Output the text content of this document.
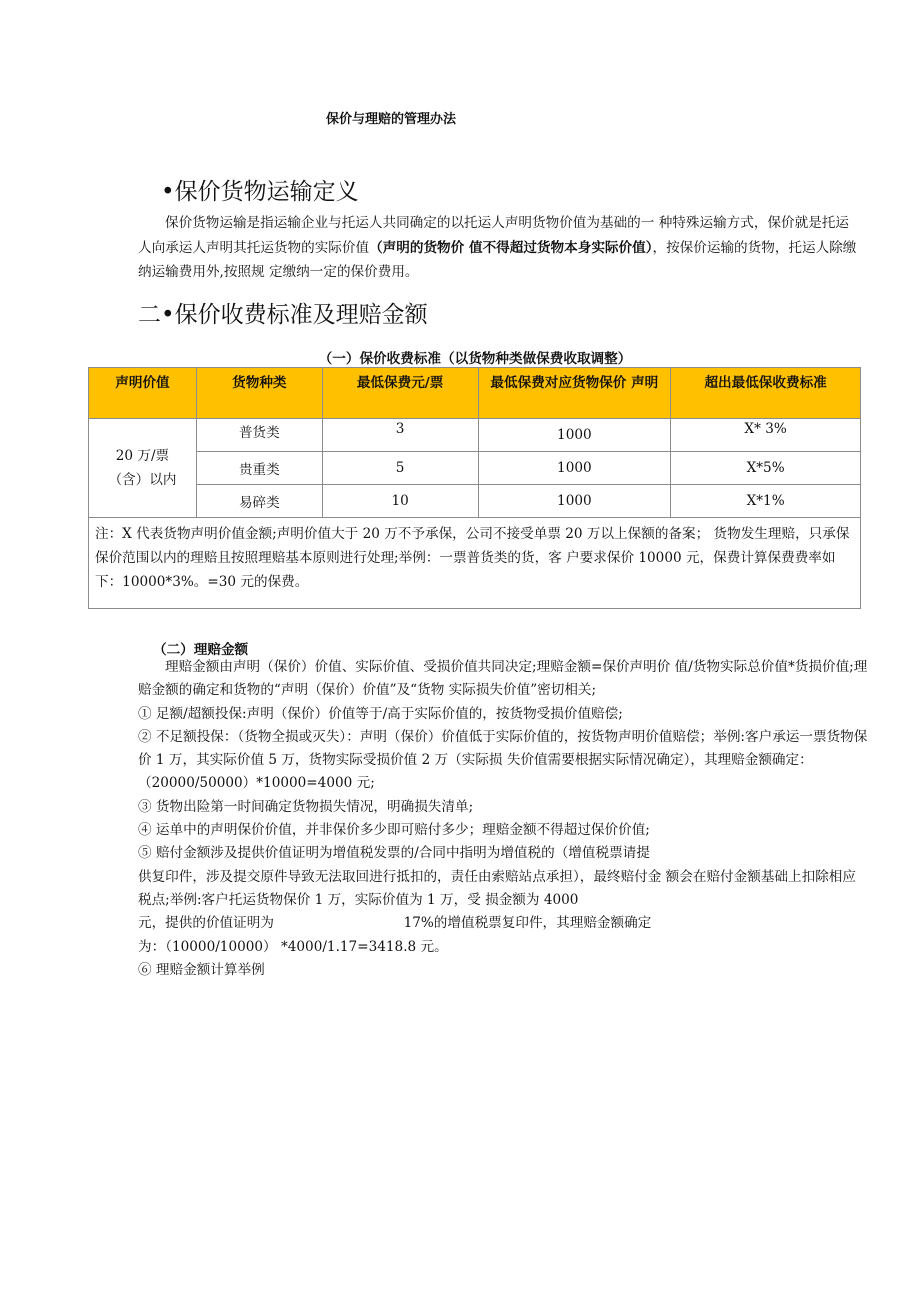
保价与理赔的管理办法
•保价货物运输定义
保价货物运输是指运输企业与托运人共同确定的以托运人声明货物价值为基础的一 种特殊运输方式，保价就是托运人向承运人声明其托运货物的实际价值（声明的货物价 值不得超过货物本身实际价值），按保价运输的货物，托运人除缴纳运输费用外,按照规 定缴纳一定的保价费用。
二•保价收费标准及理赔金额
（一）保价收费标准（以货物种类做保费收取调整）
声明价值	货物种类	最低保费元/票	最低保费对应货物保价 声明	超出最低保收费标准
20 万/票（含）以内	普货类	3	1000	X* 3%
	贵重类	5	1000	X*5%
	易碎类	10	1000	X*1%
注：X 代表货物声明价值金额;声明价值大于 20 万不予承保，公司不接受单票 20 万以上保额的备案； 货物发生理赔，只承保保价范围以内的理赔且按照理赔基本原则进行处理;举例：一票普货类的货，客 户要求保价 10000 元，保费计算保费费率如下：10000*3%。=30 元的保费。				
（二）理赔金额

理赔金额由声明（保价）价值、实际价值、受损价值共同决定;理赔金额=保价声明价 值/货物实际总价值*货损价值;理赔金额的确定和货物的“声明（保价）价值”及“货物 实际损失价值”密切相关;

① 足额/超额投保:声明（保价）价值等于/高于实际价值的，按货物受损价值赔偿;

② 不足额投保：（货物全损或灭失）：声明（保价）价值低于实际价值的，按货物声明价值赔偿；举例:客户承运一票货物保价 1 万，其实际价值 5 万，货物实际受损价值 2 万（实际损 失价值需要根据实际情况确定），其理赔金额确定：（20000/50000）*10000=4000 元;

③ 货物出险第一时间确定货物损失情况，明确损失清单;

④ 运单中的声明保价价值，并非保价多少即可赔付多少；理赔金额不得超过保价价值;

⑤ 赔付金额涉及提供价值证明为增值税发票的/合同中指明为增值税的（增值税票请提

供复印件，涉及提交原件导致无法取回进行抵扣的，责任由索赔站点承担），最终赔付金 额会在赔付金额基础上扣除相应税点;举例:客户托运货物保价 1 万，实际价值为 1 万，受 损金额为 4000

元，提供的价值证明为                              17%的增值税票复印件，其理赔金额确定

为：（10000/10000） *4000/1.17=3418.8 元。

⑥ 理赔金额计算举例
